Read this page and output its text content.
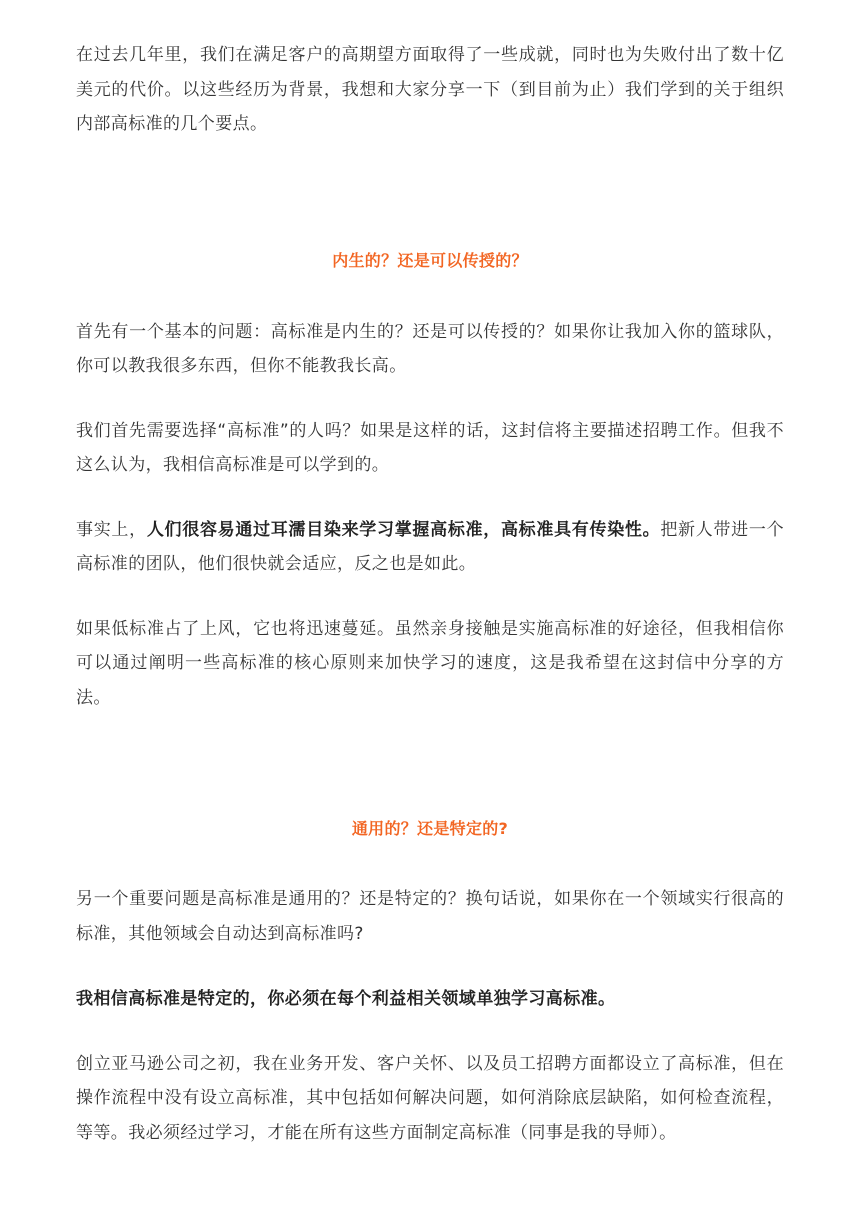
在过去几年里，我们在满足客户的高期望方面取得了一些成就，同时也为失败付出了数十亿美元的代价。以这些经历为背景，我想和大家分享一下（到目前为止）我们学到的关于组织内部高标准的几个要点。

内生的？还是可以传授的？

首先有一个基本的问题：高标准是内生的？还是可以传授的？如果你让我加入你的篮球队，你可以教我很多东西，但你不能教我长高。

我们首先需要选择“高标准”的人吗？如果是这样的话，这封信将主要描述招聘工作。但我不这么认为，我相信高标准是可以学到的。

事实上，人们很容易通过耳濡目染来学习掌握高标准，高标准具有传染性。把新人带进一个高标准的团队，他们很快就会适应，反之也是如此。

如果低标准占了上风，它也将迅速蔓延。虽然亲身接触是实施高标准的好途径，但我相信你可以通过阐明一些高标准的核心原则来加快学习的速度，这是我希望在这封信中分享的方法。

通用的？还是特定的?

另一个重要问题是高标准是通用的？还是特定的？换句话说，如果你在一个领域实行很高的标准，其他领域会自动达到高标准吗?

我相信高标准是特定的，你必须在每个利益相关领域单独学习高标准。

创立亚马逊公司之初，我在业务开发、客户关怀、以及员工招聘方面都设立了高标准，但在操作流程中没有设立高标准，其中包括如何解决问题，如何消除底层缺陷，如何检查流程，等等。我必须经过学习，才能在所有这些方面制定高标准（同事是我的导师）。
